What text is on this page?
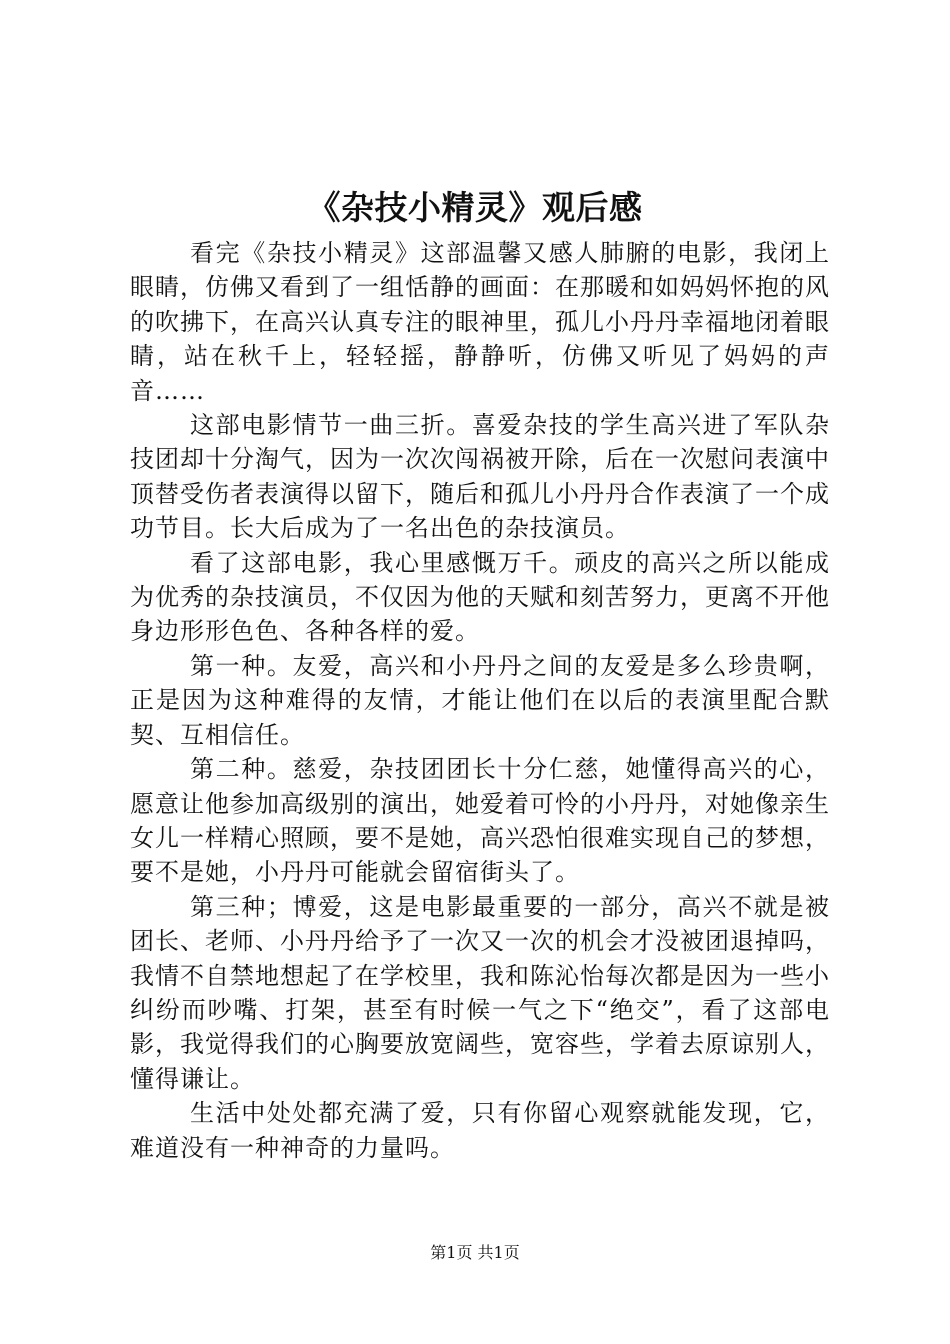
《杂技小精灵》观后感

看完《杂技小精灵》这部温馨又感人肺腑的电影，我闭上眼睛，仿佛又看到了一组恬静的画面：在那暖和如妈妈怀抱的风的吹拂下，在高兴认真专注的眼神里，孤儿小丹丹幸福地闭着眼睛，站在秋千上，轻轻摇，静静听，仿佛又听见了妈妈的声音……

这部电影情节一曲三折。喜爱杂技的学生高兴进了军队杂技团却十分淘气，因为一次次闯祸被开除，后在一次慰问表演中顶替受伤者表演得以留下，随后和孤儿小丹丹合作表演了一个成功节目。长大后成为了一名出色的杂技演员。

看了这部电影，我心里感慨万千。顽皮的高兴之所以能成为优秀的杂技演员，不仅因为他的天赋和刻苦努力，更离不开他身边形形色色、各种各样的爱。

第一种。友爱，高兴和小丹丹之间的友爱是多么珍贵啊，正是因为这种难得的友情，才能让他们在以后的表演里配合默契、互相信任。

第二种。慈爱，杂技团团长十分仁慈，她懂得高兴的心，愿意让他参加高级别的演出，她爱着可怜的小丹丹，对她像亲生女儿一样精心照顾，要不是她，高兴恐怕很难实现自己的梦想，要不是她，小丹丹可能就会留宿街头了。

第三种；博爱，这是电影最重要的一部分，高兴不就是被团长、老师、小丹丹给予了一次又一次的机会才没被团退掉吗，我情不自禁地想起了在学校里，我和陈沁怡每次都是因为一些小纠纷而吵嘴、打架，甚至有时候一气之下“绝交”，看了这部电影，我觉得我们的心胸要放宽阔些，宽容些，学着去原谅别人，懂得谦让。

生活中处处都充满了爱，只有你留心观察就能发现，它，难道没有一种神奇的力量吗。

第1页 共1页
